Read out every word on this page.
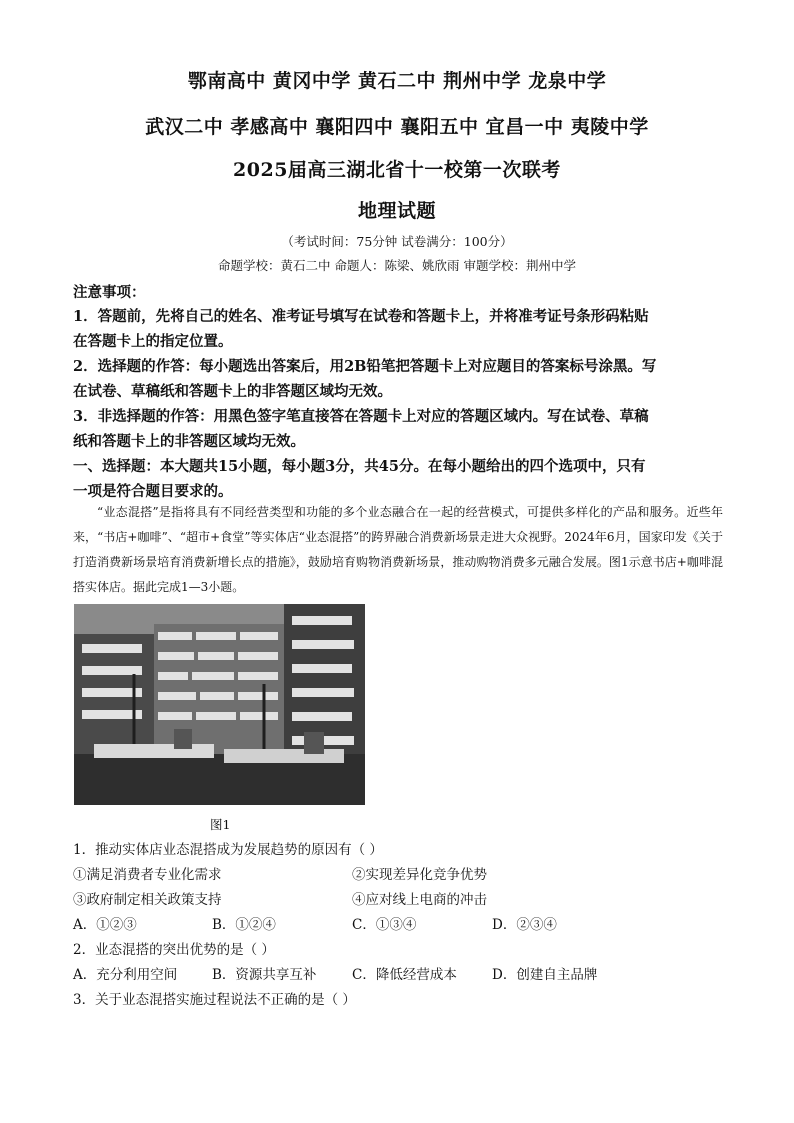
鄂南高中 黄冈中学 黄石二中 荆州中学 龙泉中学
武汉二中 孝感高中 襄阳四中 襄阳五中 宜昌一中 夷陵中学
2025届高三湖北省十一校第一次联考
地理试题
（考试时间：75分钟 试卷满分：100分）
命题学校：黄石二中 命题人：陈梁、姚欣雨 审题学校：荆州中学
注意事项：
1．答题前，先将自己的姓名、准考证号填写在试卷和答题卡上，并将准考证号条形码粘贴
在答题卡上的指定位置。
2．选择题的作答：每小题选出答案后，用2B铅笔把答题卡上对应题目的答案标号涂黑。写
在试卷、草稿纸和答题卡上的非答题区域均无效。
3．非选择题的作答：用黑色签字笔直接答在答题卡上对应的答题区域内。写在试卷、草稿
纸和答题卡上的非答题区域均无效。
一、选择题：本大题共15小题，每小题3分，共45分。在每小题给出的四个选项中，只有
一项是符合题目要求的。
“业态混搭”是指将具有不同经营类型和功能的多个业态融合在一起的经营模式，可提供多样化的产品和服务。近些年来，“书店+咖啡”、“超市+食堂”等实体店“业态混搭”的跨界融合消费新场景走进大众视野。2024年6月，国家印发《关于打造消费新场景培育消费新增长点的措施》，鼓励培育购物消费新场景，推动购物消费多元融合发展。图1示意书店+咖啡混搭实体店。据此完成1—3小题。
图1
1．推动实体店业态混搭成为发展趋势的原因有（ ）
①满足消费者专业化需求	②实现差异化竞争优势
③政府制定相关政策支持	④应对线上电商的冲击
A．①②③	B．①②④	C．①③④	D．②③④
2．业态混搭的突出优势的是（ ）
A．充分利用空间	B．资源共享互补	C．降低经营成本	D．创建自主品牌
3．关于业态混搭实施过程说法不正确的是（ ）
